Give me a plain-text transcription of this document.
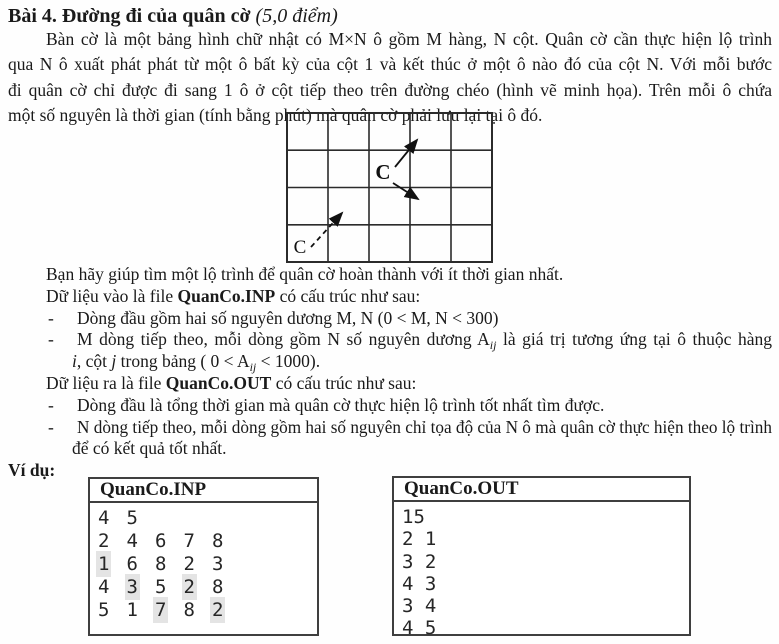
Bài 4. Đường đi của quân cờ (5,0 điểm)
Bàn cờ là một bảng hình chữ nhật có M×N ô gồm M hàng, N cột. Quân cờ cần thực hiện lộ trình
qua N ô xuất phát phát từ một ô bất kỳ của cột 1 và kết thúc ở một ô nào đó của cột N. Với mỗi bước
đi quân cờ chỉ được đi sang 1 ô ở cột tiếp theo trên đường chéo (hình vẽ minh họa). Trên mỗi ô chứa
một số nguyên là thời gian (tính bằng phút) mà quân cờ phải lưu lại tại ô đó.
C
C
Bạn hãy giúp tìm một lộ trình để quân cờ hoàn thành với ít thời gian nhất.
Dữ liệu vào là file QuanCo.INP có cấu trúc như sau:
- Dòng đầu gồm hai số nguyên dương M, N (0 < M, N < 300)
- M dòng tiếp theo, mỗi dòng gồm N số nguyên dương $A_{ij}$ là giá trị tương ứng tại ô thuộc hàng
i, cột j trong bảng ( $0 < A_{ij} < 1000$).
Dữ liệu ra là file QuanCo.OUT có cấu trúc như sau:
- Dòng đầu là tổng thời gian mà quân cờ thực hiện lộ trình tốt nhất tìm được.
- N dòng tiếp theo, mỗi dòng gồm hai số nguyên chỉ tọa độ của N ô mà quân cờ thực hiện theo lộ trình
để có kết quả tốt nhất.
Ví dụ:
QuanCo.INP
4 5
2 4 6 7 8
1 6 8 2 3
4 3 5 2 8
5 1 7 8 2
QuanCo.OUT
15
2 1
3 2
4 3
3 4
4 5
